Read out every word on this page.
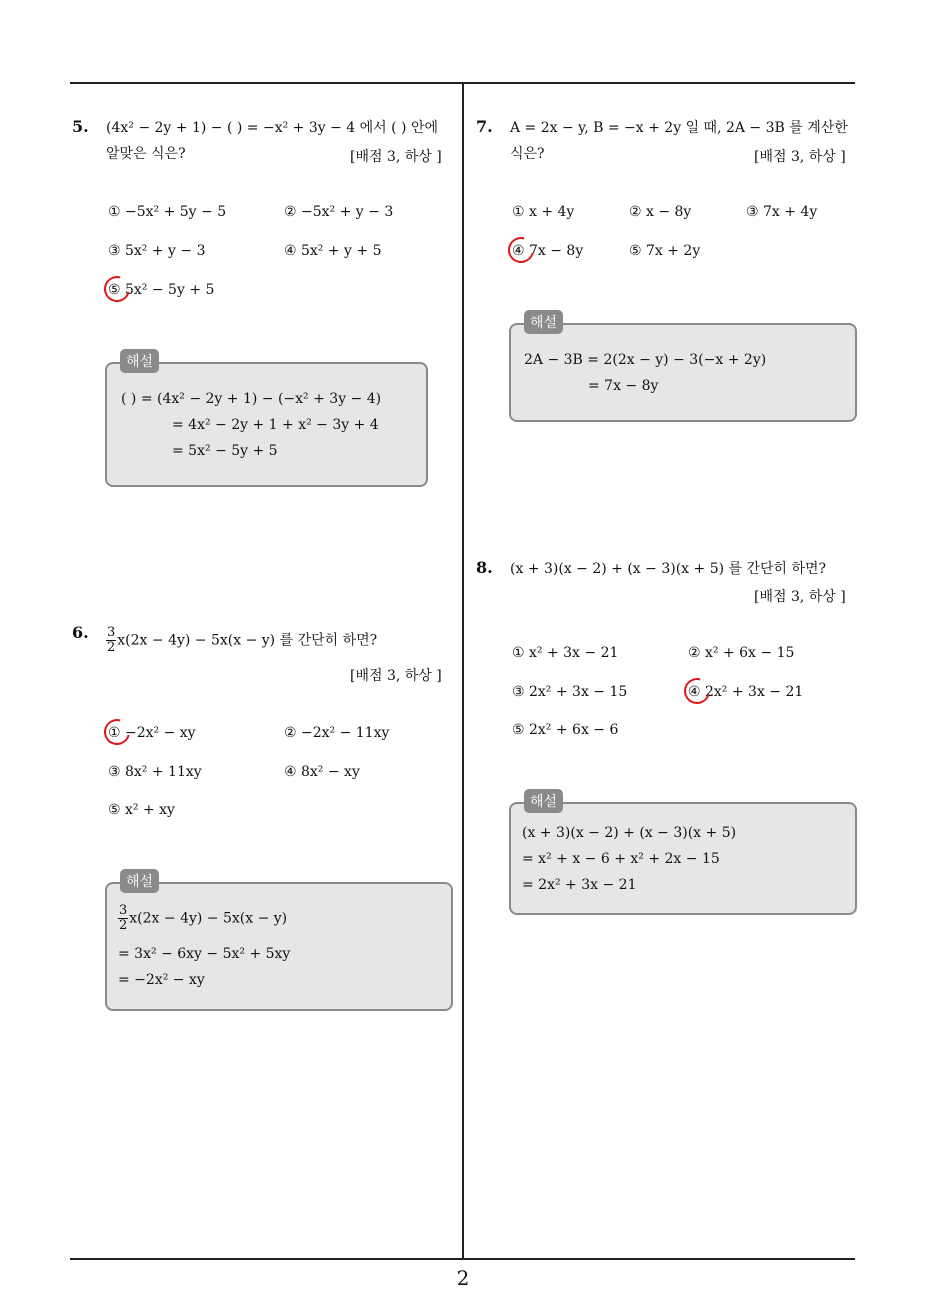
5. (4x² − 2y + 1) − ( ) = −x² + 3y − 4 에서 ( ) 안에
알맞은 식은?	[배점 3, 하상 ]
① −5x² + 5y − 5	② −5x² + y − 3
③ 5x² + y − 3	④ 5x² + y + 5
⑤ 5x² − 5y + 5
해설
( ) = (4x² − 2y + 1) − (−x² + 3y − 4)
= 4x² − 2y + 1 + x² − 3y + 4
= 5x² − 5y + 5
6. $\frac{3}{2} x(2x - 4y) - 5x(x - y)$ 를 간단히 하면?
[배점 3, 하상 ]
① −2x² − xy	② −2x² − 11xy
③ 8x² + 11xy	④ 8x² − xy
⑤ x² + xy
해설
$\frac{3}{2} x(2x - 4y) - 5x(x - y)$
= 3x² − 6xy − 5x² + 5xy
= −2x² − xy
7. A = 2x − y, B = −x + 2y 일 때, 2A − 3B 를 계산한
식은?	[배점 3, 하상 ]
① x + 4y	② x − 8y	③ 7x + 4y
④ 7x − 8y	⑤ 7x + 2y
해설
2A − 3B = 2(2x − y) − 3(−x + 2y)
= 7x − 8y
8. (x + 3)(x − 2) + (x − 3)(x + 5) 를 간단히 하면?
[배점 3, 하상 ]
① x² + 3x − 21	② x² + 6x − 15
③ 2x² + 3x − 15	④ 2x² + 3x − 21
⑤ 2x² + 6x − 6
해설
(x + 3)(x − 2) + (x − 3)(x + 5)
= x² + x − 6 + x² + 2x − 15
= 2x² + 3x − 21
2
